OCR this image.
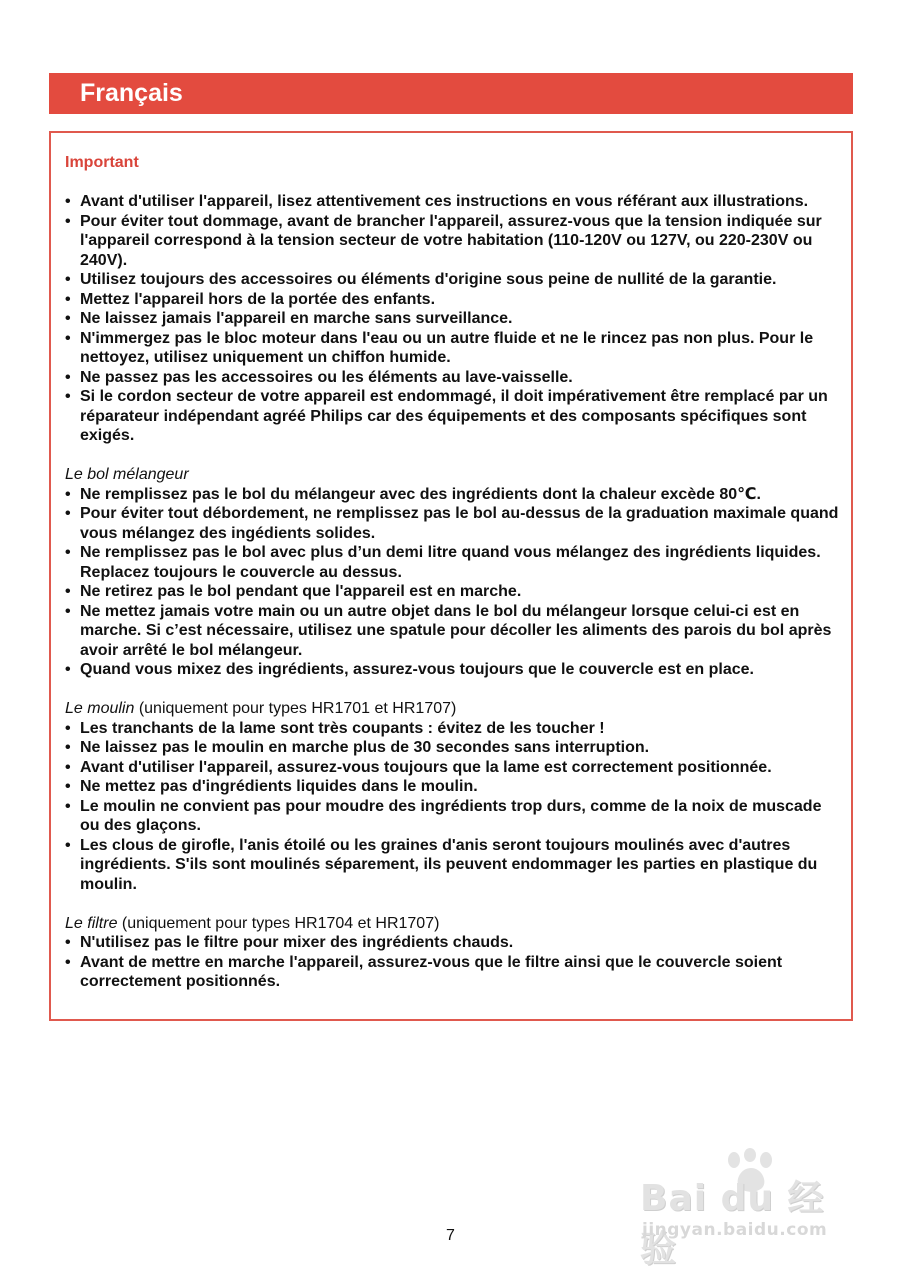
Français
Important
• Avant d'utiliser l'appareil, lisez attentivement ces instructions en vous référant aux illustrations.
• Pour éviter tout dommage, avant de brancher l'appareil, assurez-vous que la tension indiquée sur l'appareil correspond à la tension secteur de votre habitation (110-120V ou 127V, ou 220-230V ou 240V).
• Utilisez toujours des accessoires ou éléments d'origine sous peine de nullité de la garantie.
• Mettez l'appareil hors de la portée des enfants.
• Ne laissez jamais l'appareil en marche sans surveillance.
• N'immergez pas le bloc moteur dans l'eau ou un autre fluide et ne le rincez pas non plus. Pour le nettoyez, utilisez uniquement un chiffon humide.
• Ne passez pas les accessoires ou les éléments au lave-vaisselle.
• Si le cordon secteur de votre appareil est endommagé, il doit impérativement être remplacé par un réparateur indépendant agréé Philips car des équipements et des composants spécifiques sont exigés.
Le bol mélangeur
• Ne remplissez pas le bol du mélangeur avec des ingrédients dont la chaleur excède 80℃.
• Pour éviter tout débordement, ne remplissez pas le bol au-dessus de la graduation maximale quand vous mélangez des ingédients solides.
• Ne remplissez pas le bol avec plus d’un demi litre quand vous mélangez des ingrédients liquides. Replacez toujours le couvercle au dessus.
• Ne retirez pas le bol pendant que l'appareil est en marche.
• Ne mettez jamais votre main ou un autre objet dans le bol du mélangeur lorsque celui-ci est en marche. Si c’est nécessaire, utilisez une spatule pour décoller les aliments des parois du bol après avoir arrêté le bol mélangeur.
• Quand vous mixez des ingrédients, assurez-vous toujours que le couvercle est en place.
Le moulin (uniquement pour types HR1701 et HR1707)
• Les tranchants de la lame sont très coupants : évitez de les toucher !
• Ne laissez pas le moulin en marche plus de 30 secondes sans interruption.
• Avant d'utiliser l'appareil, assurez-vous toujours que la lame est correctement positionnée.
• Ne mettez pas d'ingrédients liquides dans le moulin.
• Le moulin ne convient pas pour moudre des ingrédients trop durs, comme de la noix de muscade ou des glaçons.
• Les clous de girofle, l'anis étoilé ou les graines d'anis seront toujours moulinés avec d'autres ingrédients. S'ils sont moulinés séparement, ils peuvent endommager les parties en plastique du moulin.
Le filtre (uniquement pour types HR1704 et HR1707)
• N'utilisez pas le filtre pour mixer des ingrédients chauds.
• Avant de mettre en marche l'appareil, assurez-vous que le filtre ainsi que le couvercle soient correctement positionnés.
7
Bai du 经验
jingyan.baidu.com
